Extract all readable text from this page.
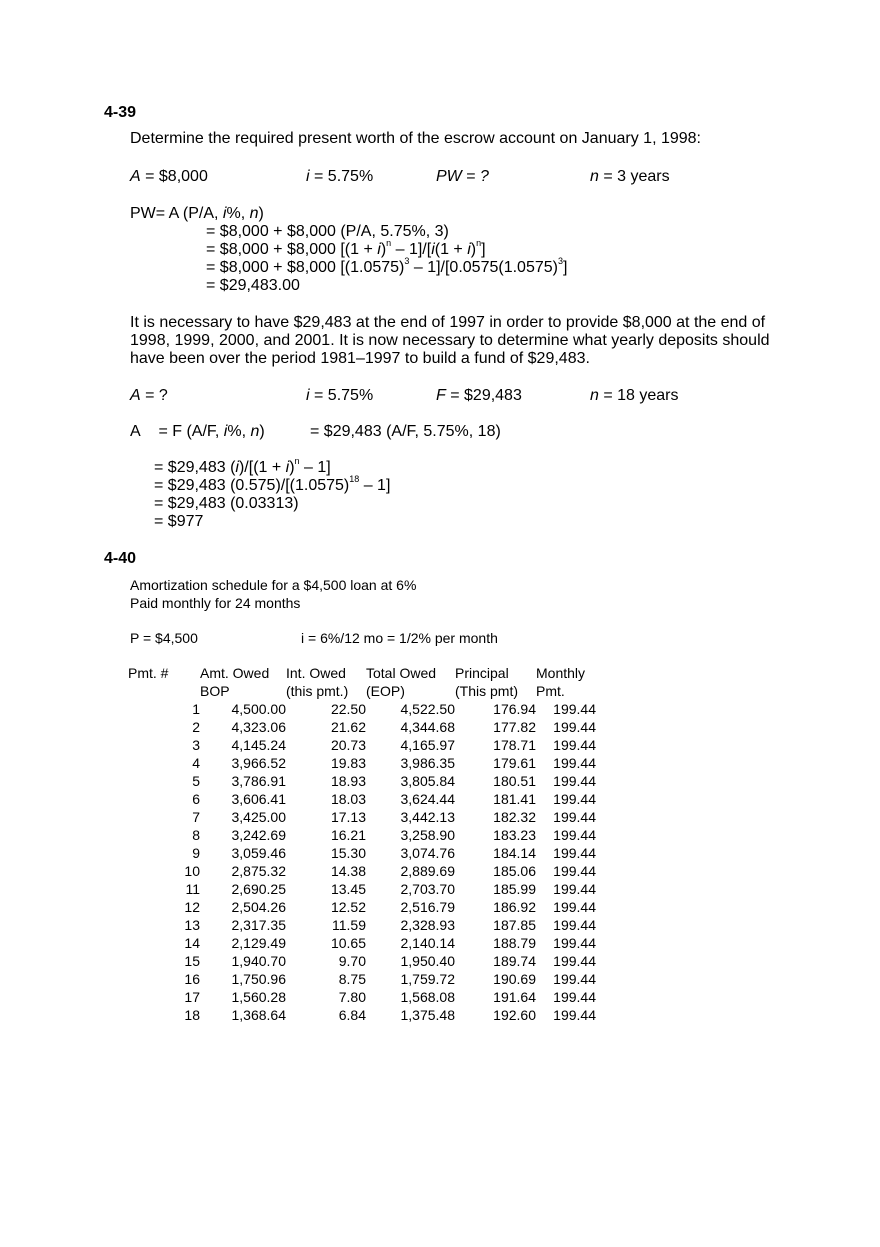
4-39
Determine the required present worth of the escrow account on January 1, 1998:
A = $8,000	i = 5.75%	PW = ?	n = 3 years
PW= A (P/A, i%, n)
= $8,000 + $8,000 (P/A, 5.75%, 3)
= $8,000 + $8,000 $[(1 + i)^n - 1]/[i(1 + i)^n]$
= $8,000 + $8,000 $[(1.0575)^3 - 1]/[0.0575(1.0575)^3]$
= $29,483.00
It is necessary to have $29,483 at the end of 1997 in order to provide $8,000 at the end of 1998, 1999, 2000, and 2001. It is now necessary to determine what yearly deposits should have been over the period 1981–1997 to build a fund of $29,483.
A = ?	i = 5.75%	F = $29,483	n = 18 years
A    = F (A/F, i%, n)	= $29,483 (A/F, 5.75%, 18)
= $29,483 $(i)/[(1 + i)^n - 1]$
= $29,483 $(0.575)/[(1.0575)^{18} - 1]$
= $29,483 (0.03313)
= $977
4-40
Amortization schedule for a $4,500 loan at 6%
Paid monthly for 24 months
P = $4,500	i = 6%/12 mo = 1/2% per month
Pmt. #	Amt. Owed	Int. Owed	Total Owed	Principal	Monthly
	BOP	(this pmt.)	(EOP)	(This pmt)	Pmt.
1	4,500.00	22.50	4,522.50	176.94	199.44
2	4,323.06	21.62	4,344.68	177.82	199.44
3	4,145.24	20.73	4,165.97	178.71	199.44
4	3,966.52	19.83	3,986.35	179.61	199.44
5	3,786.91	18.93	3,805.84	180.51	199.44
6	3,606.41	18.03	3,624.44	181.41	199.44
7	3,425.00	17.13	3,442.13	182.32	199.44
8	3,242.69	16.21	3,258.90	183.23	199.44
9	3,059.46	15.30	3,074.76	184.14	199.44
10	2,875.32	14.38	2,889.69	185.06	199.44
11	2,690.25	13.45	2,703.70	185.99	199.44
12	2,504.26	12.52	2,516.79	186.92	199.44
13	2,317.35	11.59	2,328.93	187.85	199.44
14	2,129.49	10.65	2,140.14	188.79	199.44
15	1,940.70	9.70	1,950.40	189.74	199.44
16	1,750.96	8.75	1,759.72	190.69	199.44
17	1,560.28	7.80	1,568.08	191.64	199.44
18	1,368.64	6.84	1,375.48	192.60	199.44
